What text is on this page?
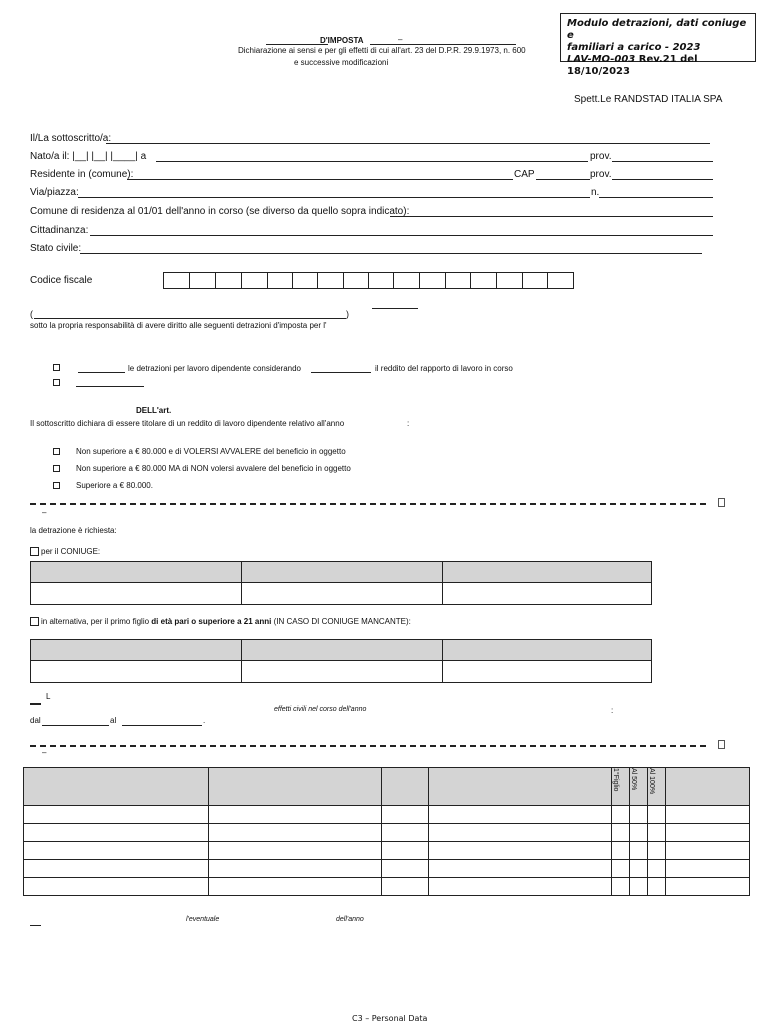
D'IMPOSTA	–
Dichiarazione ai sensi e per gli effetti di cui all'art. 23 del D.P.R. 29.9.1973, n. 600
e successive modificazioni
Modulo detrazioni, dati coniuge e
familiari a carico - 2023
LAV-MO-003 Rev.21 del 18/10/2023
Spett.Le RANDSTAD ITALIA SPA
Il/La sottoscritto/a:
Nato/a il: |__| |__| |____| a	prov.
Residente in (comune):	CAP	prov.
Via/piazza:	n.
Comune di residenza al 01/01 dell'anno in corso (se diverso da quello sopra indicato):
Cittadinanza:
Stato civile:
Codice fiscale
(	)
sotto la propria responsabilità di avere diritto alle seguenti detrazioni d'imposta per l'
le detrazioni per lavoro dipendente considerando	il reddito del rapporto di lavoro in corso
DELL'art.
Il sottoscritto dichiara di essere titolare di un reddito di lavoro dipendente relativo all'anno	:
Non superiore a € 80.000 e di VOLERSI AVVALERE del beneficio in oggetto
Non superiore a € 80.000 MA di NON volersi avvalere del beneficio in oggetto
Superiore a € 80.000.
–
la detrazione è richiesta:
per il CONIUGE:

in alternativa, per il primo figlio di età pari o superiore a 21 anni (IN CASO DI CONIUGE MANCANTE):

L
effetti civili nel corso dell'anno	:
dal	al	.
–
				1°Figlio	Al 50%	Al 100%	

l'eventuale	dell'anno
C3 – Personal Data
